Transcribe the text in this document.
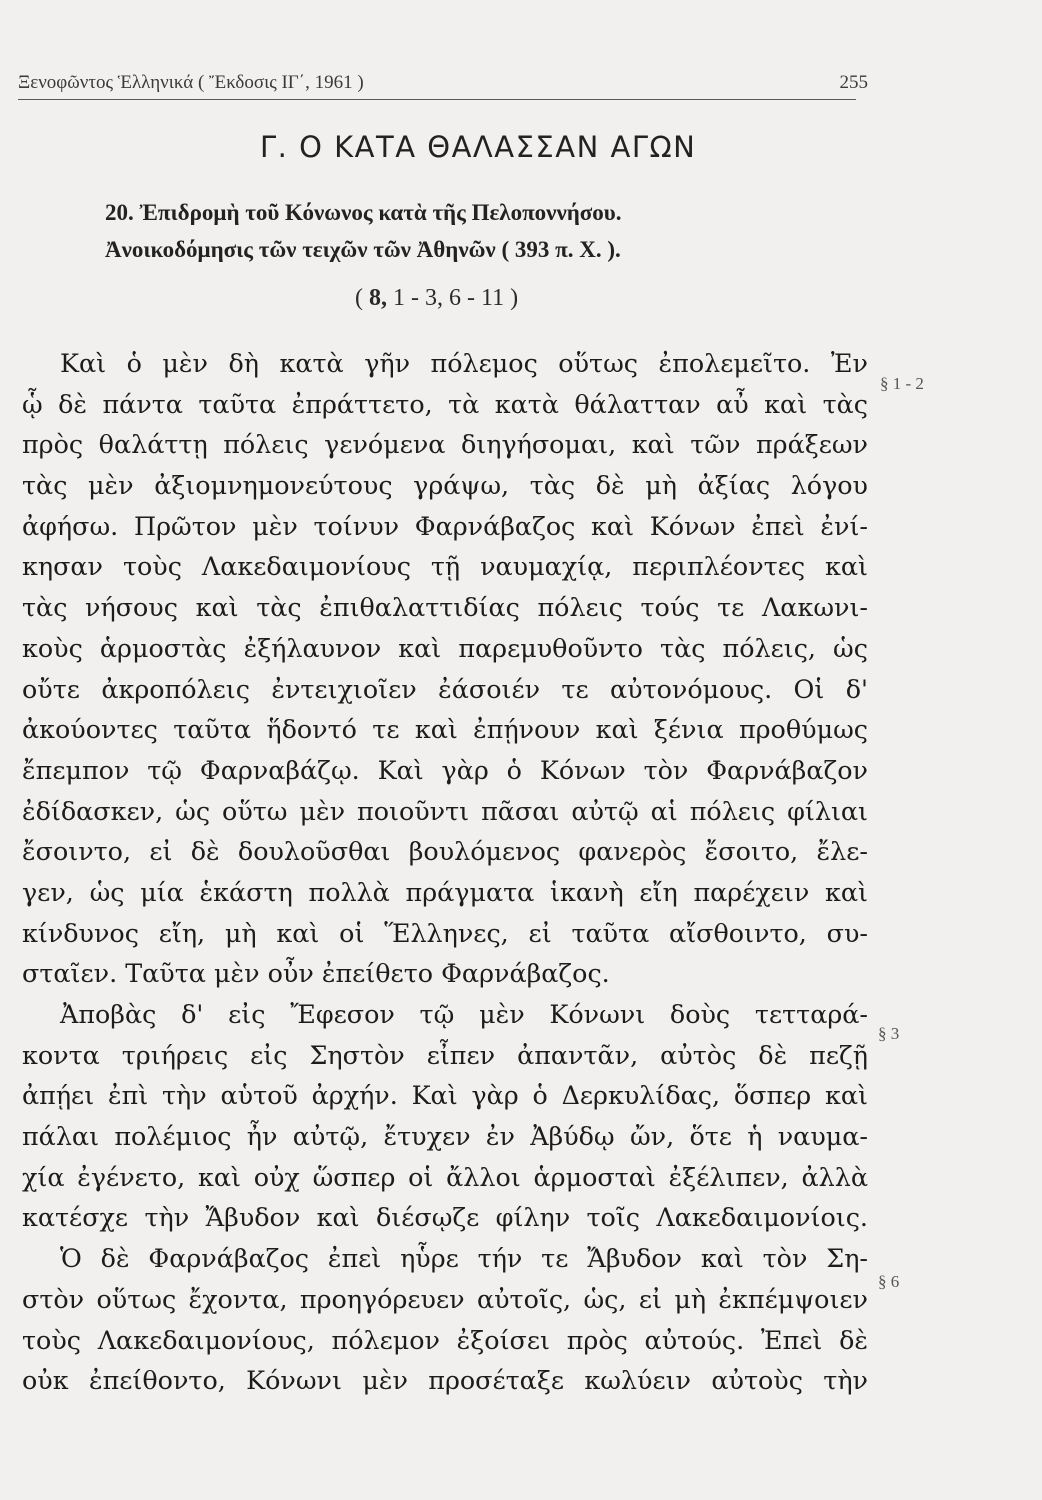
Ξενοφῶντος Ἑλληνικά ( Ἔκδοσις ΙΓ΄, 1961 )	255
Γ. Ο ΚΑΤΑ ΘΑΛΑΣΣΑΝ ΑΓΩΝ
20. Ἐπιδρομὴ τοῦ Κόνωνος κατὰ τῆς Πελοποννήσου.
Ἀνοικοδόμησις τῶν τειχῶν τῶν Ἀθηνῶν ( 393 π. Χ. ).
( 8, 1 - 3, 6 - 11 )
§ 1 - 2
§ 3
§ 6
Καὶ ὁ μὲν δὴ κατὰ γῆν πόλεμος οὕτως ἐπολεμεῖτο. Ἐν
ᾧ δὲ πάντα ταῦτα ἐπράττετο, τὰ κατὰ θάλατταν αὖ καὶ τὰς
πρὸς θαλάττῃ πόλεις γενόμενα διηγήσομαι, καὶ τῶν πράξεων
τὰς μὲν ἀξιομνημονεύτους γράψω, τὰς δὲ μὴ ἀξίας λόγου
ἀφήσω. Πρῶτον μὲν τοίνυν Φαρνάβαζος καὶ Κόνων ἐπεὶ ἐνί-
κησαν τοὺς Λακεδαιμονίους τῇ ναυμαχίᾳ, περιπλέοντες καὶ
τὰς νήσους καὶ τὰς ἐπιθαλαττιδίας πόλεις τούς τε Λακωνι-
κοὺς ἁρμοστὰς ἐξήλαυνον καὶ παρεμυθοῦντο τὰς πόλεις, ὡς
οὔτε ἀκροπόλεις ἐντειχιοῖεν ἐάσοιέν τε αὐτονόμους. Οἱ δ'
ἀκούοντες ταῦτα ἥδοντό τε καὶ ἐπῄνουν καὶ ξένια προθύμως
ἔπεμπον τῷ Φαρναβάζῳ. Καὶ γὰρ ὁ Κόνων τὸν Φαρνάβαζον
ἐδίδασκεν, ὡς οὕτω μὲν ποιοῦντι πᾶσαι αὐτῷ αἱ πόλεις φίλιαι
ἔσοιντο, εἰ δὲ δουλοῦσθαι βουλόμενος φανερὸς ἔσοιτο, ἔλε-
γεν, ὡς μία ἑκάστη πολλὰ πράγματα ἱκανὴ εἴη παρέχειν καὶ
κίνδυνος εἴη, μὴ καὶ οἱ Ἕλληνες, εἰ ταῦτα αἴσθοιντο, συ-
σταῖεν. Ταῦτα μὲν οὖν ἐπείθετο Φαρνάβαζος.
Ἀποβὰς δ' εἰς Ἔφεσον τῷ μὲν Κόνωνι δοὺς τετταρά-
κοντα τριήρεις εἰς Σηστὸν εἶπεν ἀπαντᾶν, αὐτὸς δὲ πεζῇ
ἀπῄει ἐπὶ τὴν αὑτοῦ ἀρχήν. Καὶ γὰρ ὁ Δερκυλίδας, ὅσπερ καὶ
πάλαι πολέμιος ἦν αὐτῷ, ἔτυχεν ἐν Ἀβύδῳ ὤν, ὅτε ἡ ναυμα-
χία ἐγένετο, καὶ οὐχ ὥσπερ οἱ ἄλλοι ἁρμοσταὶ ἐξέλιπεν, ἀλλὰ
κατέσχε τὴν Ἄβυδον καὶ διέσῳζε φίλην τοῖς Λακεδαιμονίοις.
Ὁ δὲ Φαρνάβαζος ἐπεὶ ηὗρε τήν τε Ἄβυδον καὶ τὸν Ση-
στὸν οὕτως ἔχοντα, προηγόρευεν αὐτοῖς, ὡς, εἰ μὴ ἐκπέμψοιεν
τοὺς Λακεδαιμονίους, πόλεμον ἐξοίσει πρὸς αὐτούς. Ἐπεὶ δὲ
οὐκ ἐπείθοντο, Κόνωνι μὲν προσέταξε κωλύειν αὐτοὺς τὴν
